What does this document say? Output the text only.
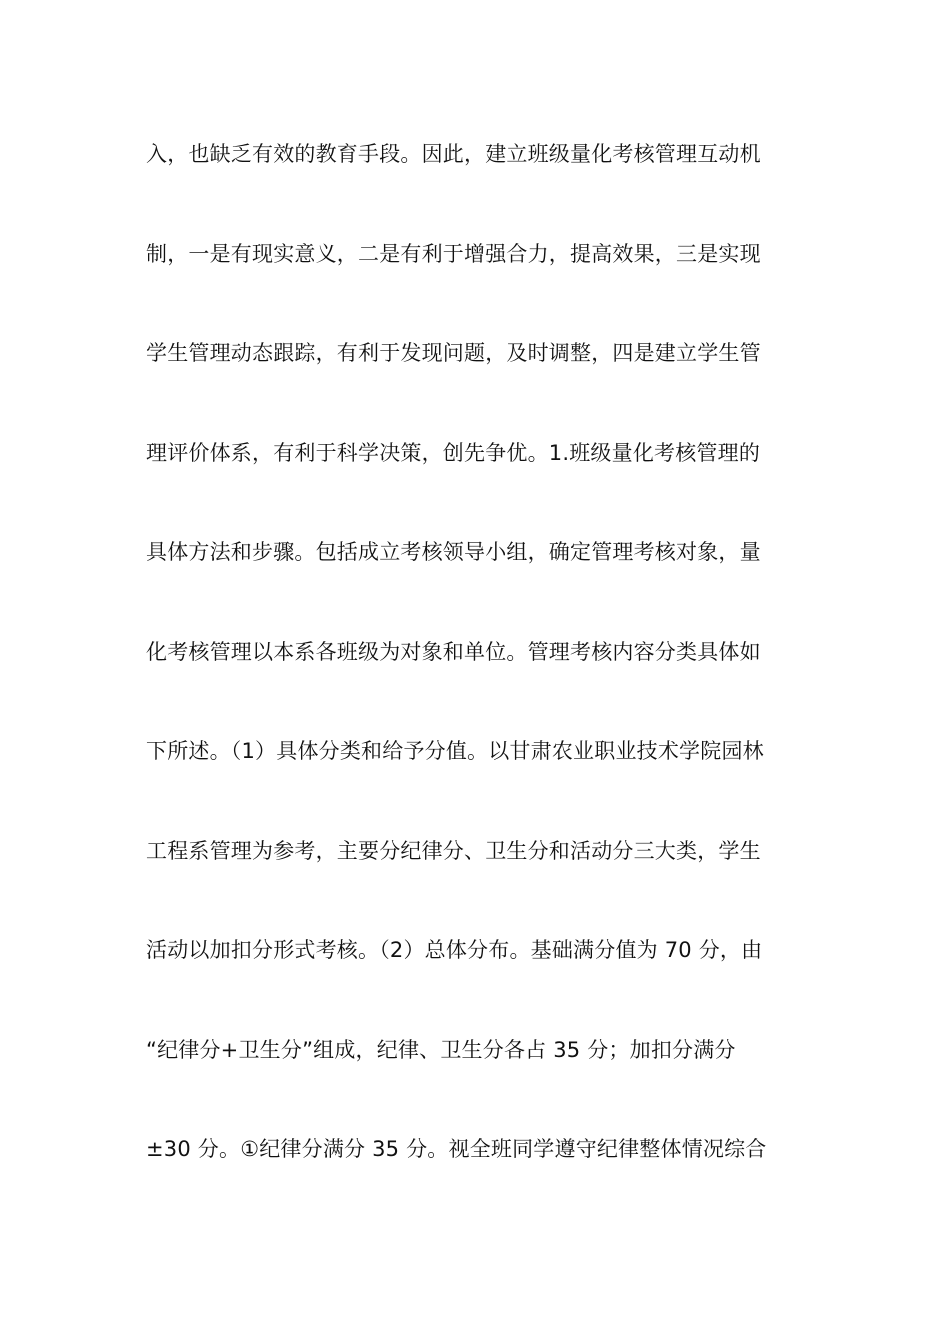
入，也缺乏有效的教育手段。因此，建立班级量化考核管理互动机
制，一是有现实意义，二是有利于增强合力，提高效果，三是实现
学生管理动态跟踪，有利于发现问题，及时调整，四是建立学生管
理评价体系，有利于科学决策，创先争优。1.班级量化考核管理的
具体方法和步骤。包括成立考核领导小组，确定管理考核对象，量
化考核管理以本系各班级为对象和单位。管理考核内容分类具体如
下所述。（1）具体分类和给予分值。以甘肃农业职业技术学院园林
工程系管理为参考，主要分纪律分、卫生分和活动分三大类，学生
活动以加扣分形式考核。（2）总体分布。基础满分值为 70 分，由
“纪律分+卫生分”组成，纪律、卫生分各占 35 分；加扣分满分
±30 分。①纪律分满分 35 分。视全班同学遵守纪律整体情况综合
